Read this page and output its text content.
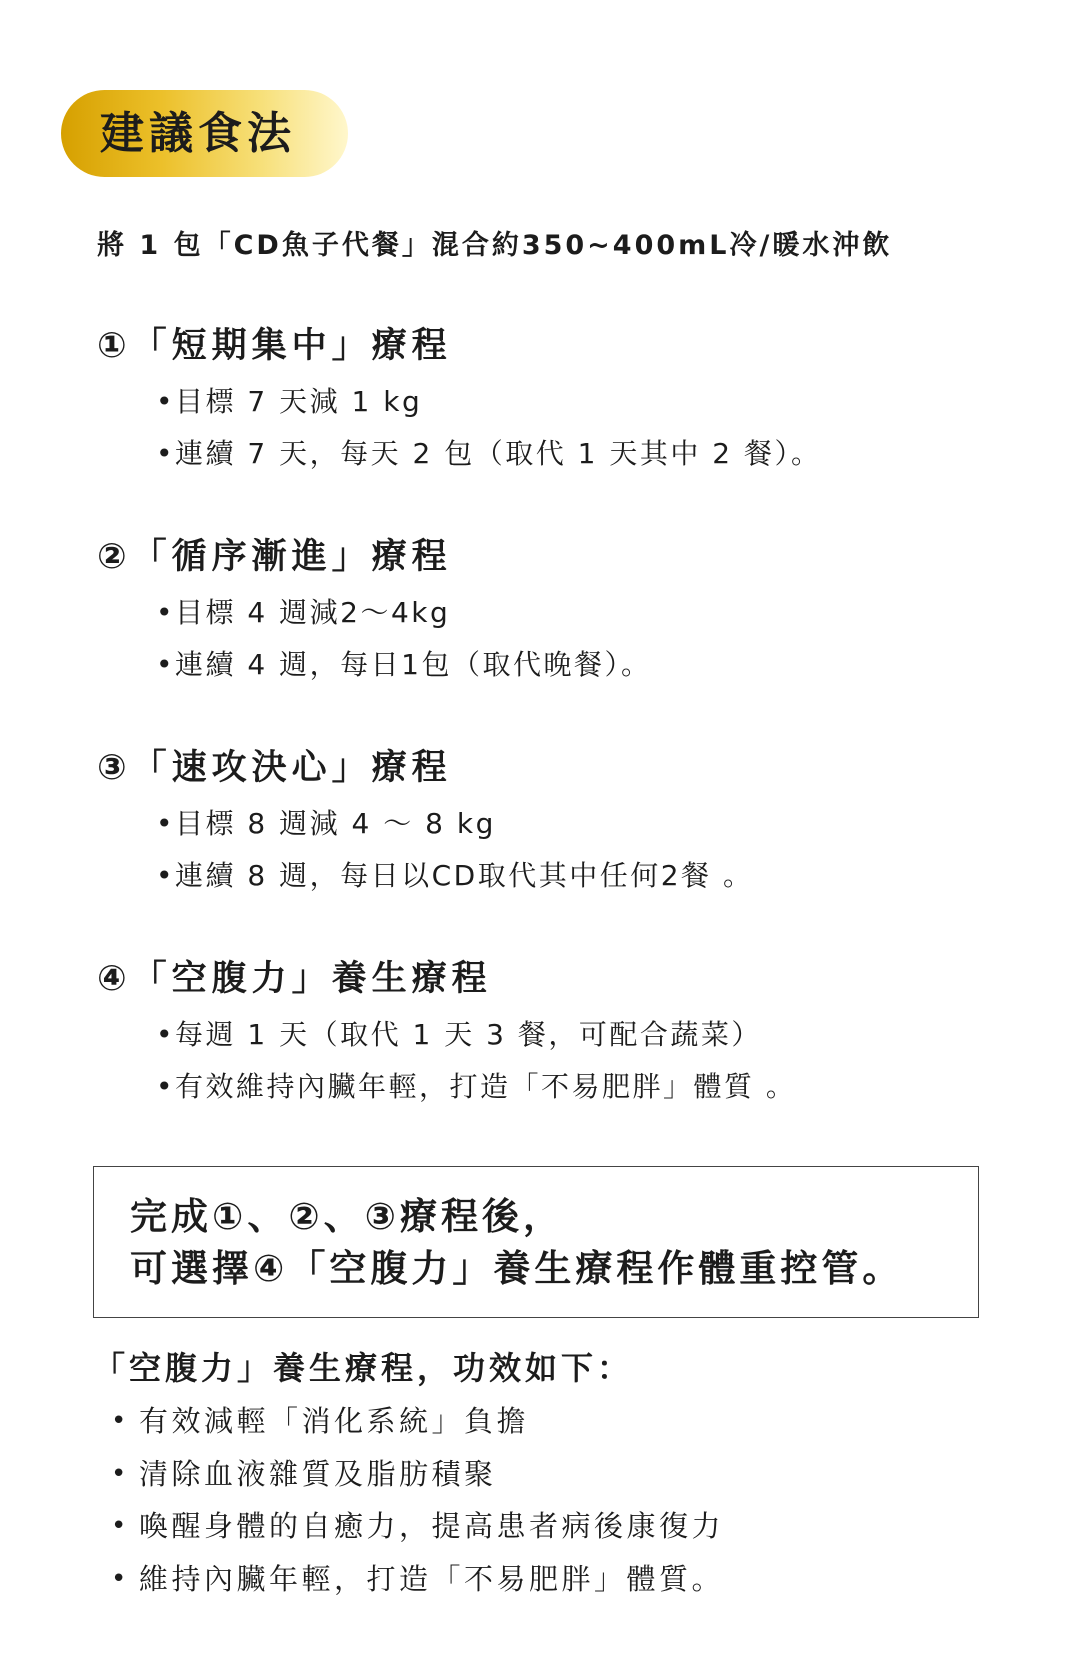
建議食法
將 1 包「CD魚子代餐」混合約350~400mL冷/暖水沖飲
①「短期集中」療程
•目標 7 天減 1 kg
•連續 7 天，每天 2 包（取代 1 天其中 2 餐）。
②「循序漸進」療程
•目標 4 週減2～4kg
•連續 4 週，每日1包（取代晚餐）。
③「速攻決心」療程
•目標 8 週減 4 ～ 8 kg
•連續 8 週，每日以CD取代其中任何2餐 。
④「空腹力」養生療程
•每週 1 天（取代 1 天 3 餐，可配合蔬菜）
•有效維持內臟年輕，打造「不易肥胖」體質 。
完成①、②、③療程後，
可選擇④「空腹力」養生療程作體重控管。
「空腹力」養生療程，功效如下：
• 有效減輕「消化系統」負擔
• 清除血液雜質及脂肪積聚
• 喚醒身體的自癒力，提高患者病後康復力
• 維持內臟年輕，打造「不易肥胖」體質。
